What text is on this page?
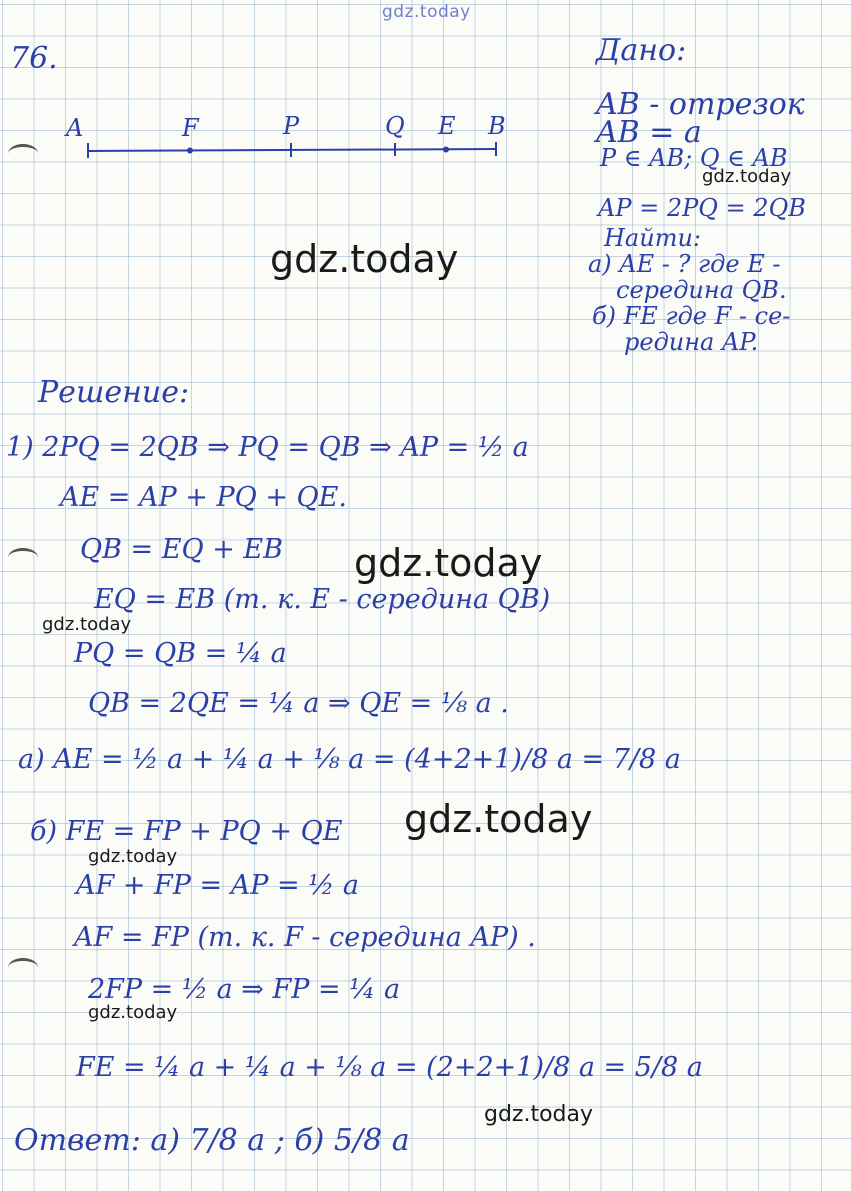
gdz.today
76.
A	F	P	Q E B
Дано:
AB - отрезок
AB = a
P ∈ AB; Q ∈ AB
AP = 2PQ = 2QB
Найти:
а) AE - ? где E -
середина QB.
б) FE где F - се-
редина AP.
Решение:
1) 2PQ = 2QB ⇒ PQ = QB ⇒ AP = ½ a
AE = AP + PQ + QE.
QB = EQ + EB
EQ = EB (т. к. E - середина QB)
PQ = QB = ¼ a
QB = 2QE = ¼ a ⇒ QE = ⅛ a .
а) AE = ½ a + ¼ a + ⅛ a = (4+2+1)/8 a = 7/8 a
б) FE = FP + PQ + QE
AF + FP = AP = ½ a
AF = FP (т. к. F - середина AP) .
2FP = ½ a ⇒ FP = ¼ a
FE = ¼ a + ¼ a + ⅛ a = (2+2+1)/8 a = 5/8 a
Ответ: а) 7/8 a ; б) 5/8 a
gdz.today
gdz.today
gdz.today
gdz.today
gdz.today
gdz.today
gdz.today
gdz.today
